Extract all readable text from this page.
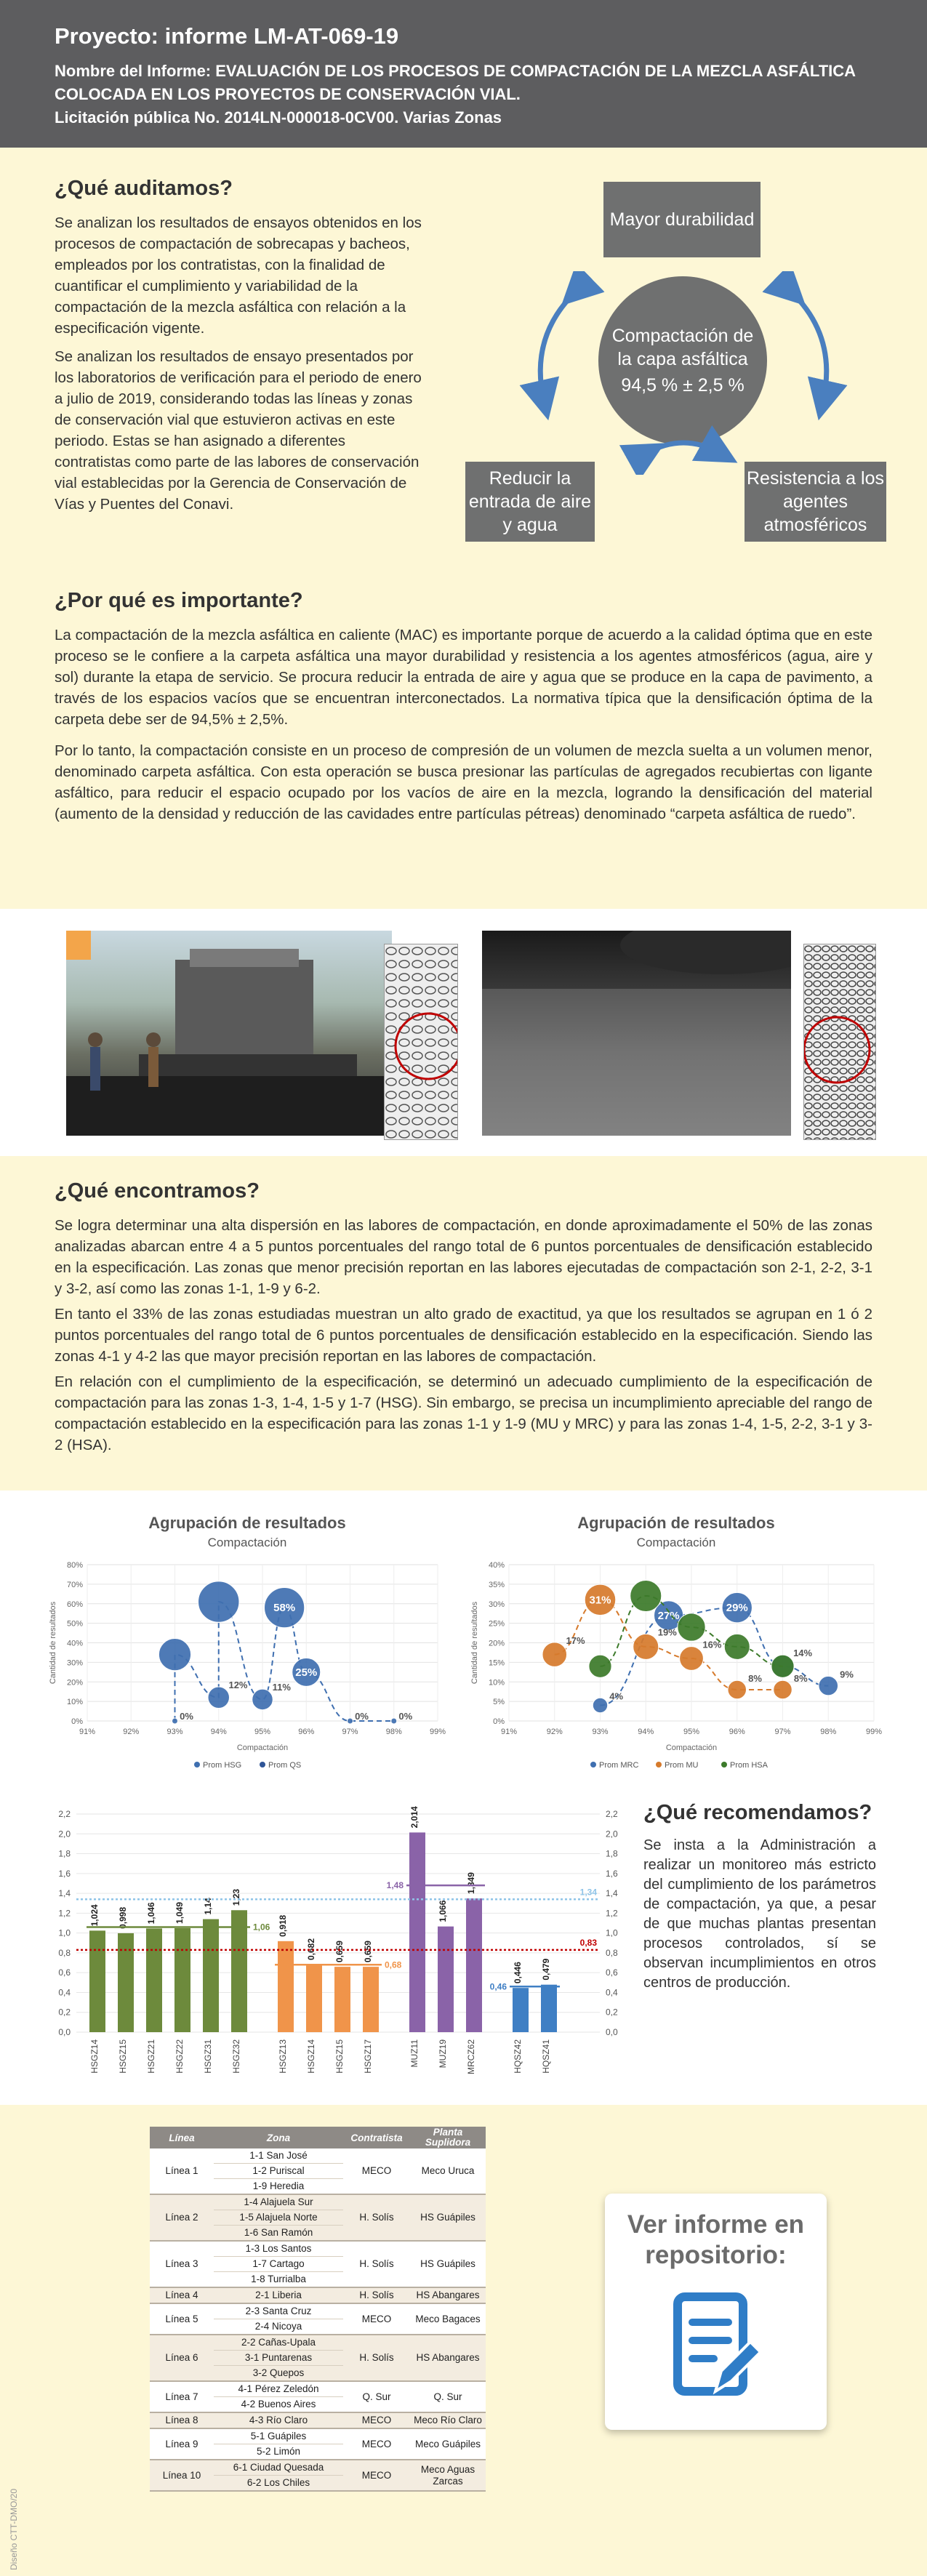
Proyecto: informe LM-AT-069-19
Nombre del Informe: EVALUACIÓN DE LOS PROCESOS DE COMPACTACIÓN DE LA MEZCLA ASFÁLTICA COLOCADA EN LOS PROYECTOS DE CONSERVACIÓN VIAL.
Licitación pública No. 2014LN-000018-0CV00. Varias Zonas
¿Qué auditamos?

Se analizan los resultados de ensayos obtenidos en los procesos de compactación de sobrecapas y bacheos, empleados por los contratistas, con la finalidad de cuantificar el cumplimiento y variabilidad de la compactación de la mezcla asfáltica con relación a la especificación vigente.

Se analizan los resultados de ensayo presentados por los laboratorios de verificación para el periodo de enero a julio de 2019, considerando todas las líneas y zonas de conservación vial que estuvieron activas en este periodo. Estas se han asignado a diferentes contratistas como parte de las labores de conservación vial establecidas por la Gerencia de Conservación de Vías y Puentes del Conavi.

Mayor durabilidad
Compactación de la capa asfáltica
94,5 % ± 2,5 %
Reducir la entrada de aire y agua
Resistencia a los agentes atmosféricos
¿Por qué es importante?

La compactación de la mezcla asfáltica en caliente (MAC) es importante porque de acuerdo a la calidad óptima que en este proceso se le confiere a la carpeta asfáltica una mayor durabilidad y resistencia a los agentes atmosféricos (agua, aire y sol) durante la etapa de servicio. Se procura reducir la entrada de aire y agua que se produce en la capa de pavimento, a través de los espacios vacíos que se encuentran interconectados. La normativa típica que la densificación óptima de la carpeta debe ser de 94,5% ± 2,5%.

Por lo tanto, la compactación consiste en un proceso de compresión de un volumen de mezcla suelta a un volumen menor, denominado carpeta asfáltica. Con esta operación se busca presionar las partículas de agregados recubiertas con ligante asfáltico, para reducir el espacio ocupado por los vacíos de aire en la mezcla, logrando la densificación del material (aumento de la densidad y reducción de las cavidades entre partículas pétreas) denominado “carpeta asfáltica de ruedo”.

¿Qué encontramos?

Se logra determinar una alta dispersión en las labores de compactación, en donde aproximadamente el 50% de las zonas analizadas abarcan entre 4 a 5 puntos porcentuales del rango total de 6 puntos porcentuales de densificación establecido en la especificación. Las zonas que menor precisión reportan en las labores ejecutadas de compactación son 2-1, 2-2, 3-1 y 3-2, así como las zonas 1-1, 1-9 y 6-2.

En tanto el 33% de las zonas estudiadas muestran un alto grado de exactitud, ya que los resultados se agrupan en 1 ó 2 puntos porcentuales del rango total de 6 puntos porcentuales de densificación establecido en la especificación. Siendo las zonas 4-1 y 4-2 las que mayor precisión reportan en las labores de compactación.

En relación con el cumplimiento de la especificación, se determinó un adecuado cumplimiento de la especificación de compactación para las zonas 1-3, 1-4, 1-5 y 1-7 (HSG). Sin embargo, se precisa un incumplimiento apreciable del rango de compactación establecido en la especificación para las zonas 1-1 y 1-9 (MU y MRC) y para las zonas 1-4, 1-5, 2-2, 3-1 y 3-2 (HSA).

Agrupación de resultados
Compactación
0%
10%
20%
30%
40%
50%
60%
70%
80%
91%	92%	93%	94%	95%	96%	97%	98%	99%
Compactación
Cantidad de resultados
0%
12%	11%
58%
25%
0%	0%
Prom HSG	Prom QS
Agrupación de resultados
Compactación
0%
5%
10%
15%
20%
25%
30%
35%
40%
91%	92%	93%	94%	95%	96%	97%	98%	99%
Compactación
Cantidad de resultados
4%
27%
29%
14%
9%
17%
31%
19%
16%
8%	8%
Prom MRC	Prom MU	Prom HSA
0,0	0,0
0,2	0,2
0,4	0,4
0,6	0,6
0,8	0,8
1,0	1,0
1,2	1,2
1,4	1,4
1,6	1,6
1,8	1,8
2,0	2,0
2,2	2,2
1,024
HSGZ14
0,998
HSGZ15
1,046
HSGZ21
1,049
HSGZ22
1,14
HSGZ31
1,23
HSGZ32
0,918
HSGZ13
0,682
HSGZ14
0,659
HSGZ15
0,659
HSGZ17
2,014
MUZ11
1,066
MUZ19
1,349
MRCZ62
0,446
HQSZ42
0,479
HQSZ41
1,06
0,68
1,48
0,46
0,83
1,34
¿Qué recomendamos?

Se insta a la Administración a realizar un monitoreo más estricto del cumplimiento de los parámetros de compactación, ya que, a pesar de que muchas plantas presentan procesos controlados, sí se observan incumplimientos en otros centros de producción.

Línea	Zona	Contratista	Planta Suplidora
Línea 1	1-1 San José	MECO	Meco Uruca
	1-2 Puriscal		
	1-9 Heredia		

Línea 2	1-4 Alajuela Sur	H. Solís	HS Guápiles
	1-5 Alajuela Norte		
	1-6 San Ramón		

Línea 3	1-3 Los Santos	H. Solís	HS Guápiles
	1-7 Cartago		
	1-8 Turrialba		

Línea 4	2-1 Liberia	H. Solís	HS Abangares

Línea 5	2-3 Santa Cruz	MECO	Meco Bagaces
	2-4 Nicoya		

Línea 6	2-2 Cañas-Upala	H. Solís	HS Abangares
	3-1 Puntarenas		
	3-2 Quepos		

Línea 7	4-1 Pérez Zeledón	Q. Sur	Q. Sur
	4-2 Buenos Aires		

Línea 8	4-3 Río Claro	MECO	Meco Río Claro

Línea 9	5-1 Guápiles	MECO	Meco Guápiles
	5-2 Limón		

Línea 10	6-1 Ciudad Quesada	MECO	Meco Aguas Zarcas
	6-2 Los Chiles		

Ver informe en repositorio:
Diseño CTT-DMO/20
